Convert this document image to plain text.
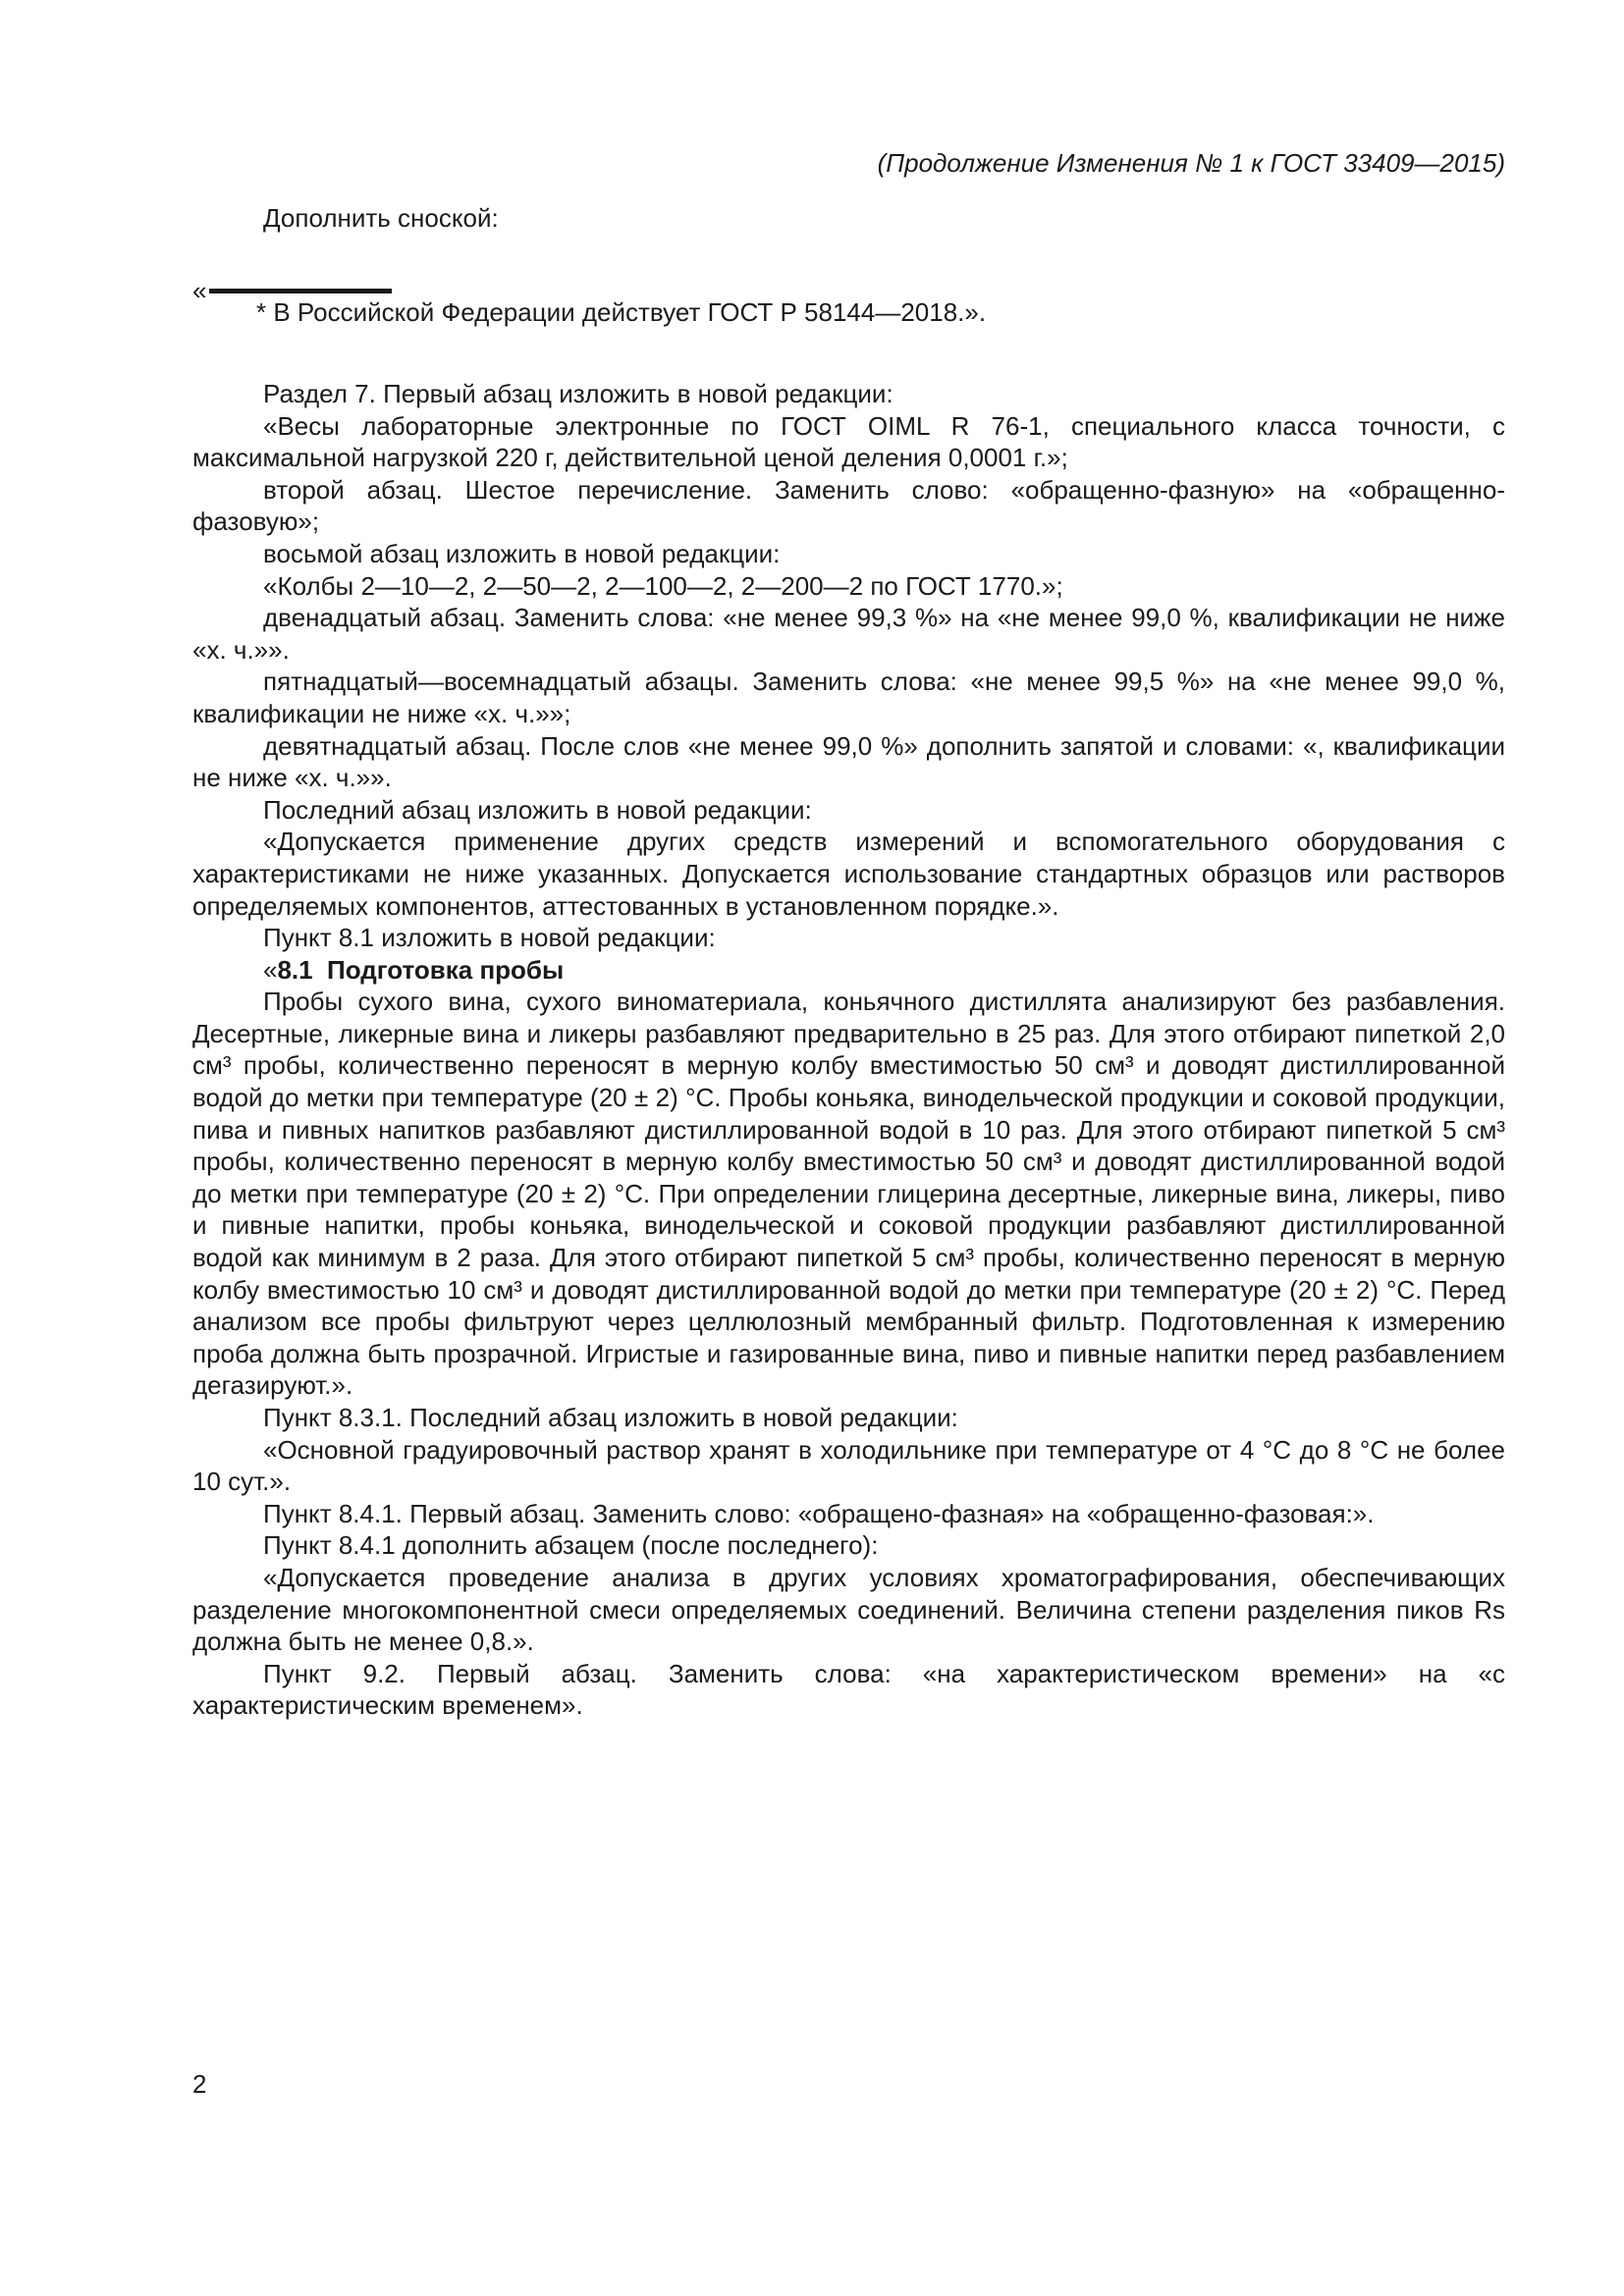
(Продолжение Изменения № 1 к ГОСТ 33409—2015)
Дополнить сноской:
«
* В Российской Федерации действует ГОСТ Р 58144—2018.».

Раздел 7. Первый абзац изложить в новой редакции:

«Весы лабораторные электронные по ГОСТ OIML R 76-1, специального класса точности, с максимальной нагрузкой 220 г, действительной ценой деления 0,0001 г.»;

второй абзац. Шестое перечисление. Заменить слово: «обращенно-фазную» на «обращенно-фазовую»;

восьмой абзац изложить в новой редакции:

«Колбы 2—10—2, 2—50—2, 2—100—2, 2—200—2 по ГОСТ 1770.»;

двенадцатый абзац. Заменить слова: «не менее 99,3 %» на «не менее 99,0 %, квалификации не ниже «х. ч.»».

пятнадцатый—восемнадцатый абзацы. Заменить слова: «не менее 99,5 %» на «не менее 99,0 %, квалификации не ниже «х. ч.»»;

девятнадцатый абзац. После слов «не менее 99,0 %» дополнить запятой и словами: «, квалификации не ниже «х. ч.»».

Последний абзац изложить в новой редакции:

«Допускается применение других средств измерений и вспомогательного оборудования с характеристиками не ниже указанных. Допускается использование стандартных образцов или растворов определяемых компонентов, аттестованных в установленном порядке.».

Пункт 8.1 изложить в новой редакции:

«8.1  Подготовка пробы

Пробы сухого вина, сухого виноматериала, коньячного дистиллята анализируют без разбавления. Десертные, ликерные вина и ликеры разбавляют предварительно в 25 раз. Для этого отбирают пипеткой 2,0 см³ пробы, количественно переносят в мерную колбу вместимостью 50 см³ и доводят дистиллированной водой до метки при температуре (20 ± 2) °С. Пробы коньяка, винодельческой продукции и соковой продукции, пива и пивных напитков разбавляют дистиллированной водой в 10 раз. Для этого отбирают пипеткой 5 см³ пробы, количественно переносят в мерную колбу вместимостью 50 см³ и доводят дистиллированной водой до метки при температуре (20 ± 2) °С. При определении глицерина десертные, ликерные вина, ликеры, пиво и пивные напитки, пробы коньяка, винодельческой и соковой продукции разбавляют дистиллированной водой как минимум в 2 раза. Для этого отбирают пипеткой 5 см³ пробы, количественно переносят в мерную колбу вместимостью 10 см³ и доводят дистиллированной водой до метки при температуре (20 ± 2) °С. Перед анализом все пробы фильтруют через целлюлозный мембранный фильтр. Подготовленная к измерению проба должна быть прозрачной. Игристые и газированные вина, пиво и пивные напитки перед разбавлением дегазируют.».

Пункт 8.3.1. Последний абзац изложить в новой редакции:

«Основной градуировочный раствор хранят в холодильнике при температуре от 4 °С до 8 °С не более 10 сут.».

Пункт 8.4.1. Первый абзац. Заменить слово: «обращено-фазная» на «обращенно-фазовая:».

Пункт 8.4.1 дополнить абзацем (после последнего):

«Допускается проведение анализа в других условиях хроматографирования, обеспечивающих разделение многокомпонентной смеси определяемых соединений. Величина степени разделения пиков Rs должна быть не менее 0,8.».

Пункт 9.2. Первый абзац. Заменить слова: «на характеристическом времени» на «с характеристическим временем».

2
